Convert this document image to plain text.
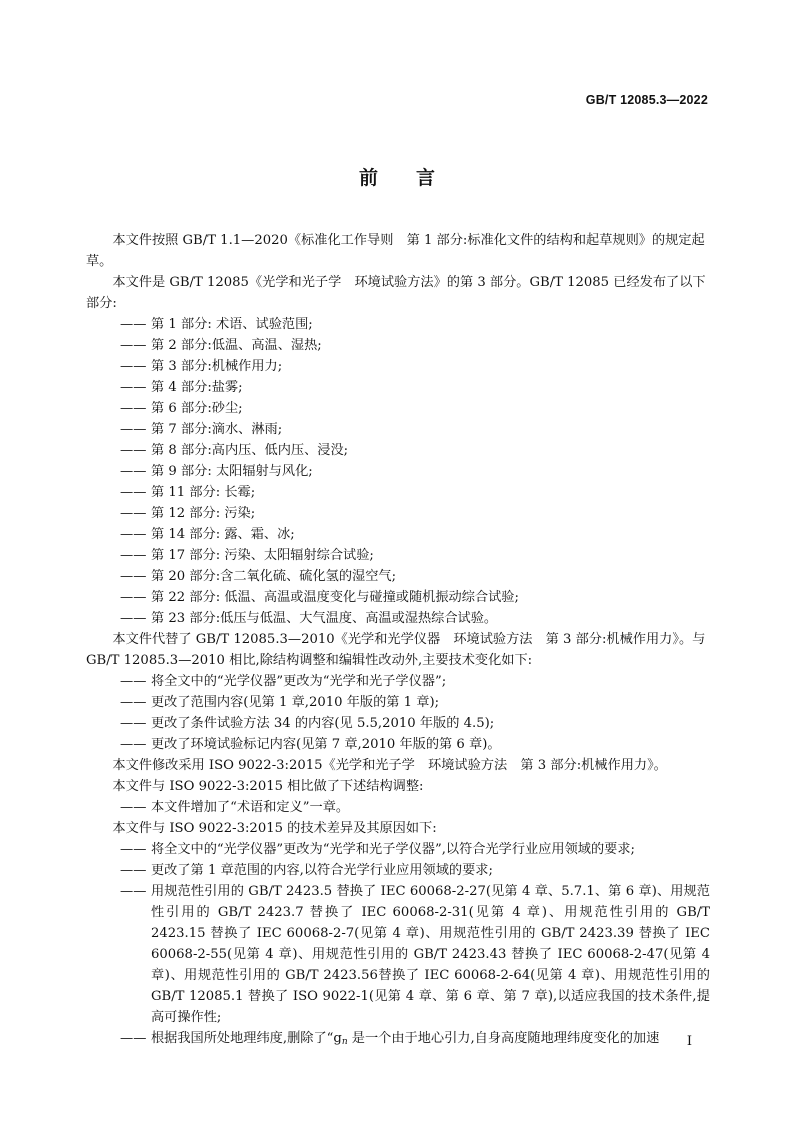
GB/T 12085.3—2022
前言

本文件按照 GB/T 1.1—2020《标准化工作导则　第 1 部分:标准化文件的结构和起草规则》的规定起草。

本文件是 GB/T 12085《光学和光子学　环境试验方法》的第 3 部分。GB/T 12085 已经发布了以下部分:

—— 第 1 部分: 术语、试验范围;

—— 第 2 部分:低温、高温、湿热;

—— 第 3 部分:机械作用力;

—— 第 4 部分:盐雾;

—— 第 6 部分:砂尘;

—— 第 7 部分:滴水、淋雨;

—— 第 8 部分:高内压、低内压、浸没;

—— 第 9 部分: 太阳辐射与风化;

—— 第 11 部分: 长霉;

—— 第 12 部分: 污染;

—— 第 14 部分: 露、霜、冰;

—— 第 17 部分: 污染、太阳辐射综合试验;

—— 第 20 部分:含二氧化硫、硫化氢的湿空气;

—— 第 22 部分: 低温、高温或温度变化与碰撞或随机振动综合试验;

—— 第 23 部分:低压与低温、大气温度、高温或湿热综合试验。

本文件代替了 GB/T 12085.3—2010《光学和光学仪器　环境试验方法　第 3 部分:机械作用力》。与 GB/T 12085.3—2010 相比,除结构调整和编辑性改动外,主要技术变化如下:

—— 将全文中的“光学仪器”更改为“光学和光子学仪器”;

—— 更改了范围内容(见第 1 章,2010 年版的第 1 章);

—— 更改了条件试验方法 34 的内容(见 5.5,2010 年版的 4.5);

—— 更改了环境试验标记内容(见第 7 章,2010 年版的第 6 章)。

本文件修改采用 ISO 9022-3:2015《光学和光子学　环境试验方法　第 3 部分:机械作用力》。

本文件与 ISO 9022-3:2015 相比做了下述结构调整:

—— 本文件增加了“术语和定义”一章。

本文件与 ISO 9022-3:2015 的技术差异及其原因如下:

—— 将全文中的“光学仪器”更改为“光学和光子学仪器”,以符合光学行业应用领域的要求;

—— 更改了第 1 章范围的内容,以符合光学行业应用领域的要求;

—— 用规范性引用的 GB/T 2423.5 替换了 IEC 60068-2-27(见第 4 章、5.7.1、第 6 章)、用规范性引用的 GB/T 2423.7 替换了 IEC 60068-2-31(见第 4 章)、用规范性引用的 GB/T 2423.15 替换了 IEC 60068-2-7(见第 4 章)、用规范性引用的 GB/T 2423.39 替换了 IEC 60068-2-55(见第 4 章)、用规范性引用的 GB/T 2423.43 替换了 IEC 60068-2-47(见第 4 章)、用规范性引用的 GB/T 2423.56替换了 IEC 60068-2-64(见第 4 章)、用规范性引用的 GB/T 12085.1 替换了 ISO 9022-1(见第 4 章、第 6 章、第 7 章),以适应我国的技术条件,提高可操作性;

—— 根据我国所处地理纬度,删除了“$g_n$ 是一个由于地心引力,自身高度随地理纬度变化的加速	I
